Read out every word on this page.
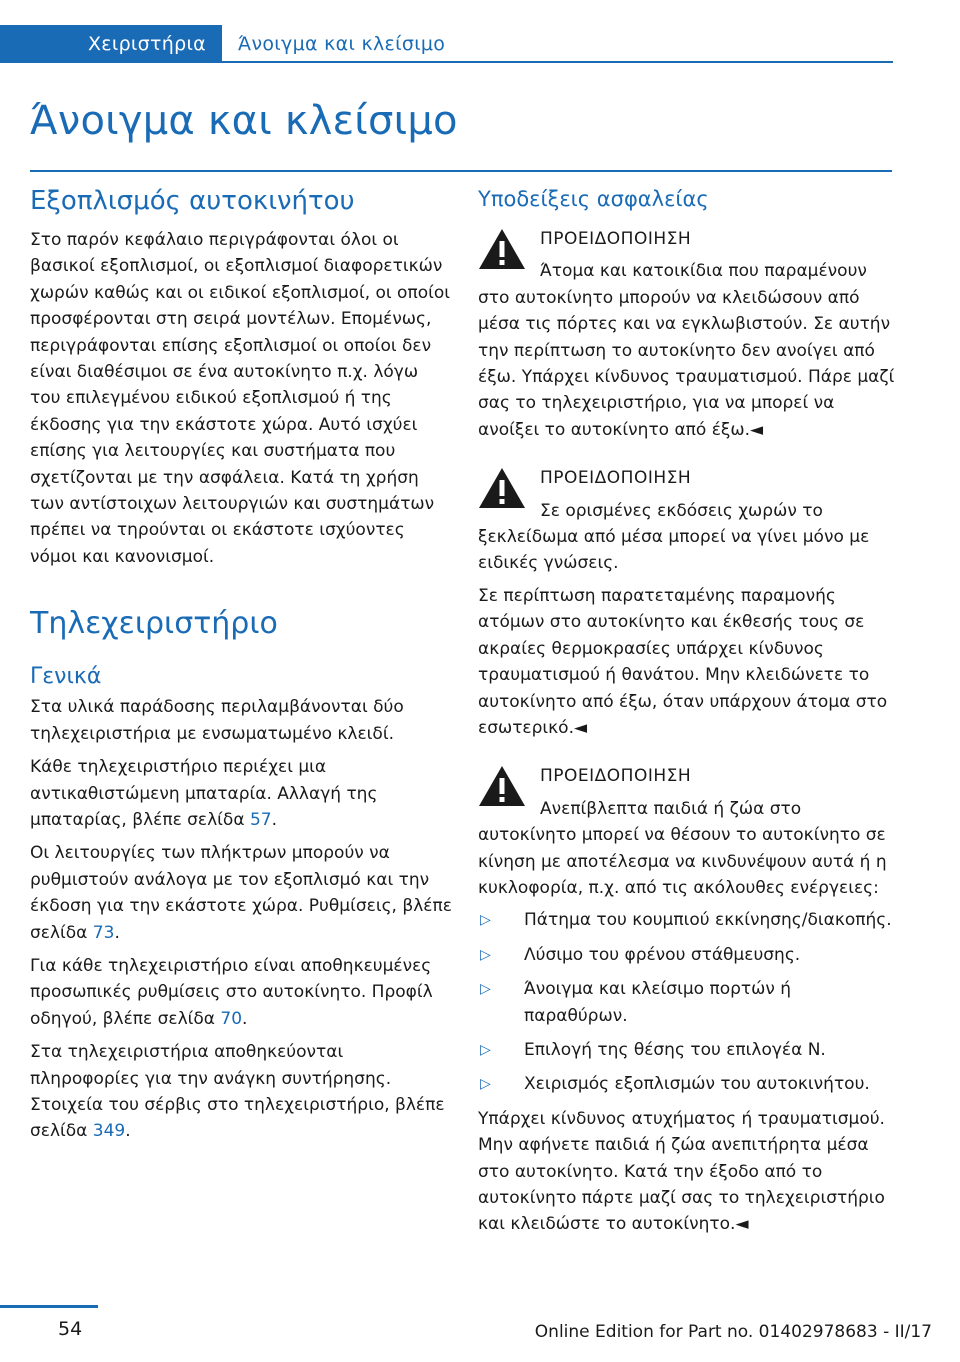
Χειριστήρια	Άνοιγμα και κλείσιμο
Άνοιγμα και κλείσιμο
Εξοπλισμός αυτοκινήτου

Στο παρόν κεφάλαιο περιγράφονται όλοι οι βασικοί εξοπλισμοί, οι εξοπλισμοί διαφορετικών χωρών καθώς και οι ειδικοί εξοπλισμοί, οι οποίοι προσφέρονται στη σειρά μοντέλων. Επομένως, περιγράφονται επίσης εξοπλισμοί οι οποίοι δεν είναι διαθέσιμοι σε ένα αυτοκίνητο π.χ. λόγω του επιλεγμένου ειδικού εξοπλισμού ή της έκδοσης για την εκάστοτε χώρα. Αυτό ισχύει επίσης για λειτουργίες και συστήματα που σχετίζονται με την ασφάλεια. Κατά τη χρήση των αντίστοιχων λειτουργιών και συστημάτων πρέπει να τηρούνται οι εκάστοτε ισχύοντες νόμοι και κανονισμοί.

Τηλεχειριστήριο
Γενικά

Στα υλικά παράδοσης περιλαμβάνονται δύο τηλεχειριστήρια με ενσωματωμένο κλειδί.

Κάθε τηλεχειριστήριο περιέχει μια αντικαθιστώμενη μπαταρία. Αλλαγή της μπαταρίας, βλέπε σελίδα 57.

Οι λειτουργίες των πλήκτρων μπορούν να ρυθμιστούν ανάλογα με τον εξοπλισμό και την έκδοση για την εκάστοτε χώρα. Ρυθμίσεις, βλέπε σελίδα 73.

Για κάθε τηλεχειριστήριο είναι αποθηκευμένες προσωπικές ρυθμίσεις στο αυτοκίνητο. Προφίλ οδηγού, βλέπε σελίδα 70.

Στα τηλεχειριστήρια αποθηκεύονται πληροφορίες για την ανάγκη συντήρησης. Στοιχεία του σέρβις στο τηλεχειριστήριο, βλέπε σελίδα 349.

Υποδείξεις ασφαλείας
ΠΡΟΕΙΔΟΠΟΙΗΣΗ
Άτομα και κατοικίδια που παραμένουν στο αυτοκίνητο μπορούν να κλειδώσουν από μέσα τις πόρτες και να εγκλωβιστούν. Σε αυτήν την περίπτωση το αυτοκίνητο δεν ανοίγει από έξω. Υπάρχει κίνδυνος τραυματισμού. Πάρε μαζί σας το τηλεχειριστήριο, για να μπορεί να ανοίξει το αυτοκίνητο από έξω.◄
ΠΡΟΕΙΔΟΠΟΙΗΣΗ
Σε ορισμένες εκδόσεις χωρών το ξεκλείδωμα από μέσα μπορεί να γίνει μόνο με ειδικές γνώσεις.

Σε περίπτωση παρατεταμένης παραμονής ατόμων στο αυτοκίνητο και έκθεσής τους σε ακραίες θερμοκρασίες υπάρχει κίνδυνος τραυματισμού ή θανάτου. Μην κλειδώνετε το αυτοκίνητο από έξω, όταν υπάρχουν άτομα στο εσωτερικό.◄

ΠΡΟΕΙΔΟΠΟΙΗΣΗ
Ανεπίβλεπτα παιδιά ή ζώα στο αυτοκίνητο μπορεί να θέσουν το αυτοκίνητο σε κίνηση με αποτέλεσμα να κινδυνέψουν αυτά ή η κυκλοφορία, π.χ. από τις ακόλουθες ενέργειες:
▷ Πάτημα του κουμπιού εκκίνησης/διακοπής.
▷ Λύσιμο του φρένου στάθμευσης.
▷ Άνοιγμα και κλείσιμο πορτών ή παραθύρων.
▷ Επιλογή της θέσης του επιλογέα N.
▷ Χειρισμός εξοπλισμών του αυτοκινήτου.

Υπάρχει κίνδυνος ατυχήματος ή τραυματισμού. Μην αφήνετε παιδιά ή ζώα ανεπιτήρητα μέσα στο αυτοκίνητο. Κατά την έξοδο από το αυτοκίνητο πάρτε μαζί σας το τηλεχειριστήριο και κλειδώστε το αυτοκίνητο.◄

54	Online Edition for Part no. 01402978683 - II/17
